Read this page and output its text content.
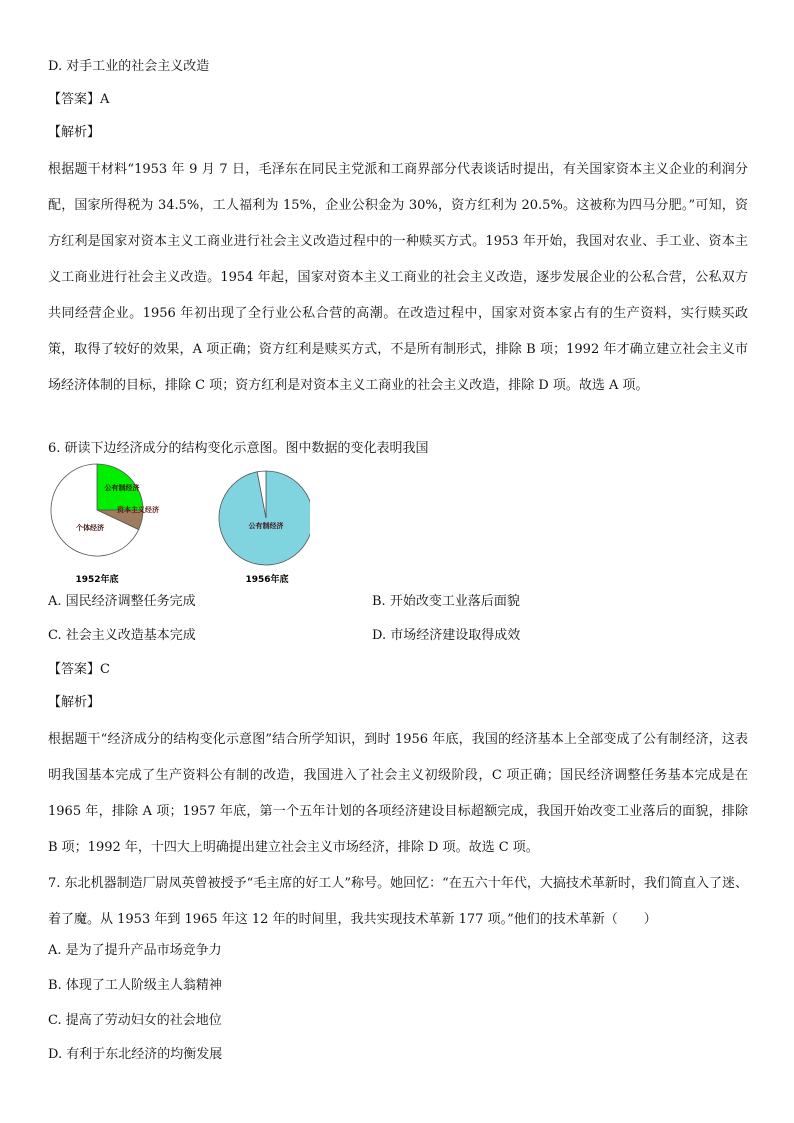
D. 对手工业的社会主义改造
【答案】A
【解析】
根据题干材料“1953 年 9 月 7 日，毛泽东在同民主党派和工商界部分代表谈话时提出，有关国家资本主义企业的利润分配，国家所得税为 34.5%，工人福利为 15%，企业公积金为 30%，资方红利为 20.5%。这被称为四马分肥。”可知，资方红利是国家对资本主义工商业进行社会主义改造过程中的一种赎买方式。1953 年开始，我国对农业、手工业、资本主义工商业进行社会主义改造。1954 年起，国家对资本主义工商业的社会主义改造，逐步发展企业的公私合营，公私双方共同经营企业。1956 年初出现了全行业公私合营的高潮。在改造过程中，国家对资本家占有的生产资料，实行赎买政策，取得了较好的效果，A 项正确；资方红利是赎买方式，不是所有制形式，排除 B 项；1992 年才确立建立社会主义市场经济体制的目标，排除 C 项；资方红利是对资本主义工商业的社会主义改造，排除 D 项。故选 A 项。
6. 研读下边经济成分的结构变化示意图。图中数据的变化表明我国
公有制经济
资本主义经济
个体经济	公有制经济
1952年底	1956年底
A. 国民经济调整任务完成	B. 开始改变工业落后面貌
C. 社会主义改造基本完成	D. 市场经济建设取得成效
【答案】C
【解析】
根据题干“经济成分的结构变化示意图”结合所学知识，到时 1956 年底，我国的经济基本上全部变成了公有制经济，这表明我国基本完成了生产资料公有制的改造，我国进入了社会主义初级阶段，C 项正确；国民经济调整任务基本完成是在 1965 年，排除 A 项；1957 年底，第一个五年计划的各项经济建设目标超额完成，我国开始改变工业落后的面貌，排除 B 项；1992 年，十四大上明确提出建立社会主义市场经济，排除 D 项。故选 C 项。
7. 东北机器制造厂尉凤英曾被授予“毛主席的好工人”称号。她回忆：“在五六十年代，大搞技术革新时，我们简直入了迷、着了魔。从 1953 年到 1965 年这 12 年的时间里，我共实现技术革新 177 项。”他们的技术革新（　　）
A. 是为了提升产品市场竞争力
B. 体现了工人阶级主人翁精神
C. 提高了劳动妇女的社会地位
D. 有利于东北经济的均衡发展
